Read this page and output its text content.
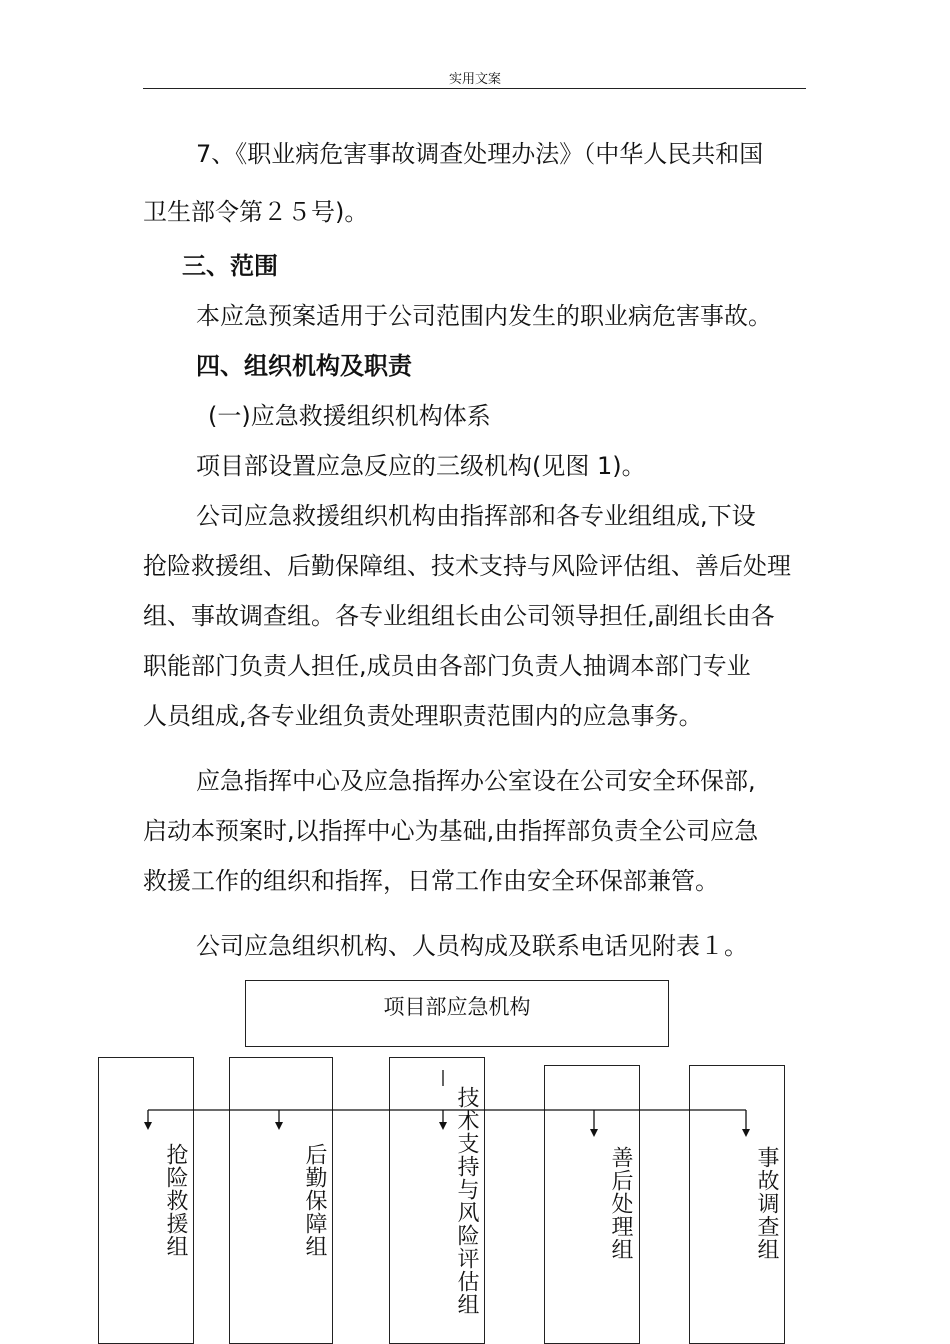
实用文案
7、《职业病危害事故调查处理办法》（中华人民共和国
卫生部令第２５号)。
三、范围
本应急预案适用于公司范围内发生的职业病危害事故。
四、组织机构及职责
(一)应急救援组织机构体系
项目部设置应急反应的三级机构(见图 1)。
公司应急救援组织机构由指挥部和各专业组组成,下设
抢险救援组、后勤保障组、技术支持与风险评估组、善后处理
组、事故调查组。各专业组组长由公司领导担任,副组长由各
职能部门负责人担任,成员由各部门负责人抽调本部门专业
人员组成,各专业组负责处理职责范围内的应急事务。
应急指挥中心及应急指挥办公室设在公司安全环保部,
启动本预案时,以指挥中心为基础,由指挥部负责全公司应急
救援工作的组织和指挥，日常工作由安全环保部兼管。
公司应急组织机构、人员构成及联系电话见附表１。
项目部应急机构
抢险救援组	后勤保障组	技术支持与风险评估组	善后处理组	事故调查组
